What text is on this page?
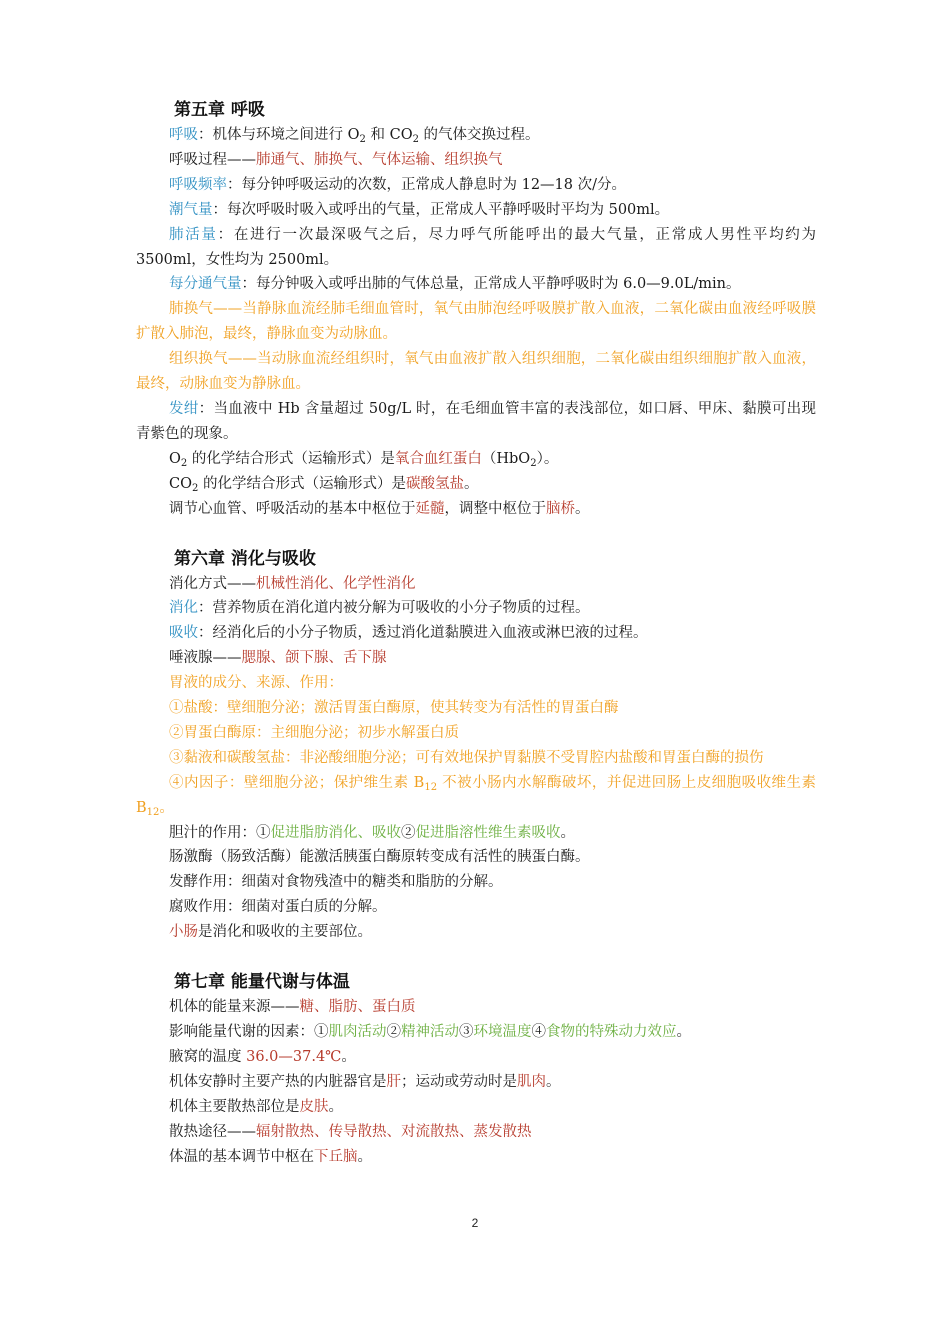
第五章 呼吸
呼吸：机体与环境之间进行 $O_2$ 和 $CO_2$ 的气体交换过程。
呼吸过程——肺通气、肺换气、气体运输、组织换气
呼吸频率：每分钟呼吸运动的次数，正常成人静息时为 12—18 次/分。
潮气量：每次呼吸时吸入或呼出的气量，正常成人平静呼吸时平均为 500ml。
肺活量：在进行一次最深吸气之后，尽力呼气所能呼出的最大气量，正常成人男性平均约为 3500ml，女性均为 2500ml。
每分通气量：每分钟吸入或呼出肺的气体总量，正常成人平静呼吸时为 6.0—9.0L/min。
肺换气——当静脉血流经肺毛细血管时，氧气由肺泡经呼吸膜扩散入血液，二氧化碳由血液经呼吸膜扩散入肺泡，最终，静脉血变为动脉血。
组织换气——当动脉血流经组织时，氧气由血液扩散入组织细胞，二氧化碳由组织细胞扩散入血液，最终，动脉血变为静脉血。
发绀：当血液中 Hb 含量超过 50g/L 时，在毛细血管丰富的表浅部位，如口唇、甲床、黏膜可出现青紫色的现象。
$O_2$ 的化学结合形式（运输形式）是氧合血红蛋白（HbO$_2$）。
$CO_2$ 的化学结合形式（运输形式）是碳酸氢盐。
调节心血管、呼吸活动的基本中枢位于延髓，调整中枢位于脑桥。
第六章 消化与吸收
消化方式——机械性消化、化学性消化
消化：营养物质在消化道内被分解为可吸收的小分子物质的过程。
吸收：经消化后的小分子物质，透过消化道黏膜进入血液或淋巴液的过程。
唾液腺——腮腺、颌下腺、舌下腺
胃液的成分、来源、作用：
①盐酸：壁细胞分泌；激活胃蛋白酶原，使其转变为有活性的胃蛋白酶
②胃蛋白酶原：主细胞分泌；初步水解蛋白质
③黏液和碳酸氢盐：非泌酸细胞分泌；可有效地保护胃黏膜不受胃腔内盐酸和胃蛋白酶的损伤
④内因子：壁细胞分泌；保护维生素 $B_{12}$ 不被小肠内水解酶破坏，并促进回肠上皮细胞吸收维生素 $B_{12}$。
胆汁的作用：①促进脂肪消化、吸收②促进脂溶性维生素吸收。
肠激酶（肠致活酶）能激活胰蛋白酶原转变成有活性的胰蛋白酶。
发酵作用：细菌对食物残渣中的糖类和脂肪的分解。
腐败作用：细菌对蛋白质的分解。
小肠是消化和吸收的主要部位。
第七章 能量代谢与体温
机体的能量来源——糖、脂肪、蛋白质
影响能量代谢的因素：①肌肉活动②精神活动③环境温度④食物的特殊动力效应。
腋窝的温度 36.0—37.4℃。
机体安静时主要产热的内脏器官是肝；运动或劳动时是肌肉。
机体主要散热部位是皮肤。
散热途径——辐射散热、传导散热、对流散热、蒸发散热
体温的基本调节中枢在下丘脑。
2
